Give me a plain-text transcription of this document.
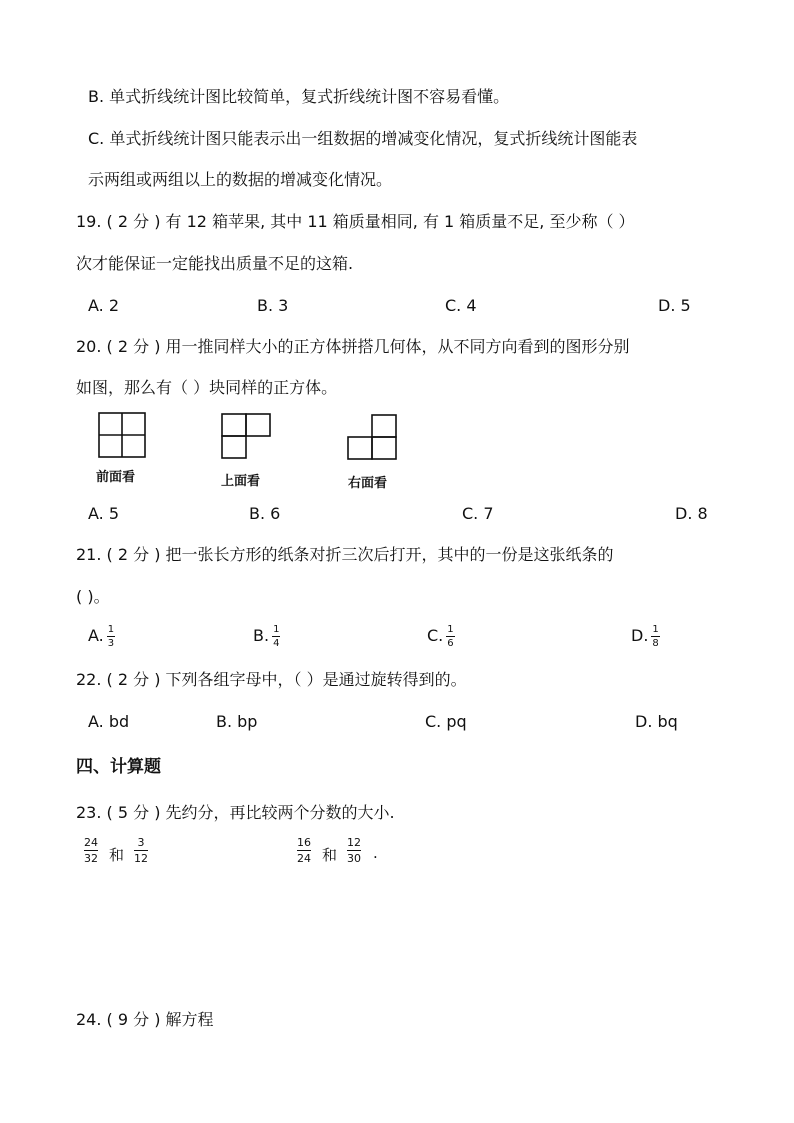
B. 单式折线统计图比较简单，复式折线统计图不容易看懂。
C. 单式折线统计图只能表示出一组数据的增减变化情况，复式折线统计图能表
示两组或两组以上的数据的增减变化情况。
19. ( 2 分 ) 有 12 箱苹果, 其中 11 箱质量相同, 有 1 箱质量不足, 至少称（ ）
次才能保证一定能找出质量不足的这箱.
A. 2	B. 3	C. 4	D. 5
20. ( 2 分 ) 用一推同样大小的正方体拼搭几何体，从不同方向看到的图形分别
如图，那么有（ ）块同样的正方体。
前面看	上面看	右面看
A. 5	B. 6	C. 7	D. 8
21. ( 2 分 ) 把一张长方形的纸条对折三次后打开，其中的一份是这张纸条的
( )。
A. $\frac{1}{3}$	B. $\frac{1}{4}$	C. $\frac{1}{6}$	D. $\frac{1}{8}$
22. ( 2 分 ) 下列各组字母中，（ ）是通过旋转得到的。
A. bd	B. bp	C. pq	D. bq
四、计算题
23. ( 5 分 ) 先约分，再比较两个分数的大小.
24
32 和
3
12
16
24 和
12
30 .
24. ( 9 分 ) 解方程
